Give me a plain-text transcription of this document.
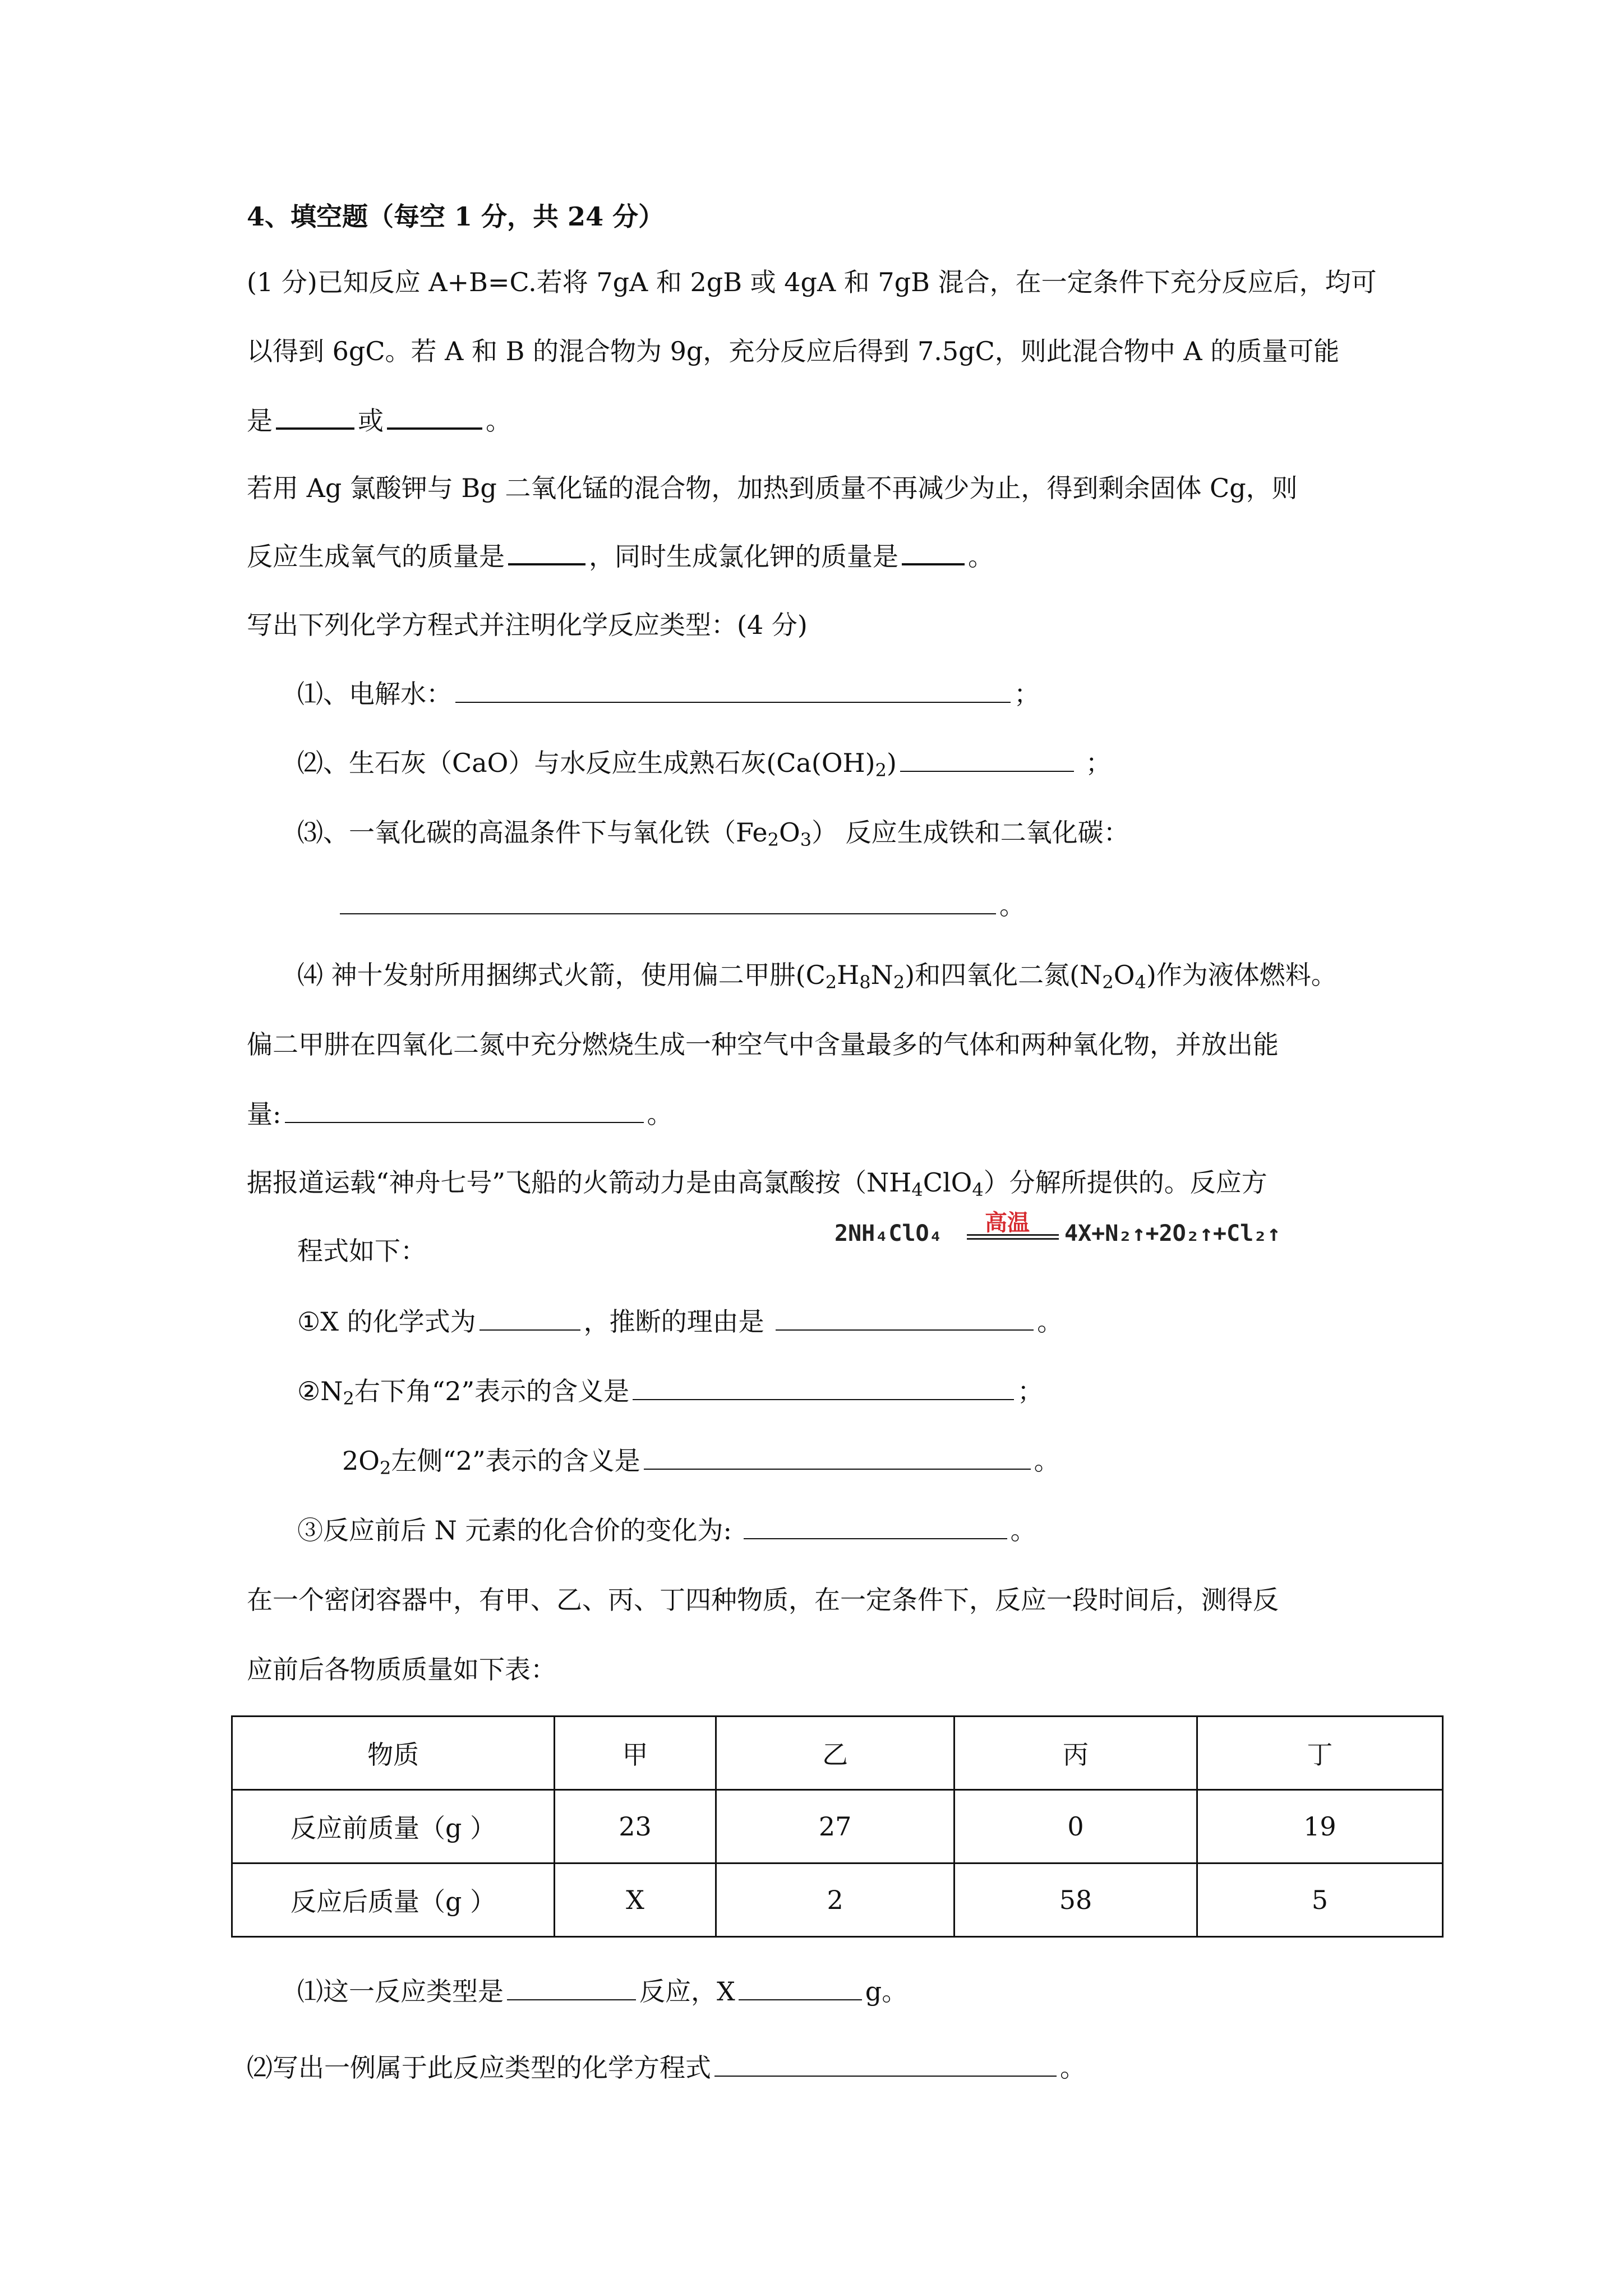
4、填空题（每空 1 分，共 24 分）
(1 分)已知反应 A+B=C.若将 7gA 和 2gB 或 4gA 和 7gB 混合，在一定条件下充分反应后，均可
以得到 6gC。若 A 和 B 的混合物为 9g，充分反应后得到 7.5gC，则此混合物中 A 的质量可能
是	或	。
若用 Ag 氯酸钾与 Bg 二氧化锰的混合物，加热到质量不再减少为止，得到剩余固体 Cg，则
反应生成氧气的质量是	，同时生成氯化钾的质量是	。
写出下列化学方程式并注明化学反应类型：(4 分)
⑴、电解水：	；
⑵、生石灰（CaO）与水反应生成熟石灰$(Ca(OH)_2)$	；
⑶、一氧化碳的高温条件下与氧化铁$(Fe_2O_3)$ 反应生成铁和二氧化碳：
。
⑷ 神十发射所用捆绑式火箭，使用偏二甲肼$(C_2H_8N_2)$和四氧化二氮$(N_2O_4)$作为液体燃料。
偏二甲肼在四氧化二氮中充分燃烧生成一种空气中含量最多的气体和两种氧化物，并放出能
量:	。
据报道运载“神舟七号”飞船的火箭动力是由高氯酸按$(NH_4ClO_4)$分解所提供的。反应方
程式如下：
2NH₄ClO₄ 高温 4X+N₂↑+2O₂↑+Cl₂↑
①X 的化学式为	，推断的理由是	。
$②N_2$右下角“2”表示的含义是	；
$2O_2$左侧“2”表示的含义是	。
③反应前后 N 元素的化合价的变化为:	。
在一个密闭容器中，有甲、乙、丙、丁四种物质，在一定条件下，反应一段时间后，测得反
应前后各物质质量如下表：
物质	甲	乙	丙	丁
反应前质量（g ）	23	27	0	19
反应后质量（g ）	X	2	58	5
⑴这一反应类型是	反应，X	g。
⑵写出一例属于此反应类型的化学方程式	。
